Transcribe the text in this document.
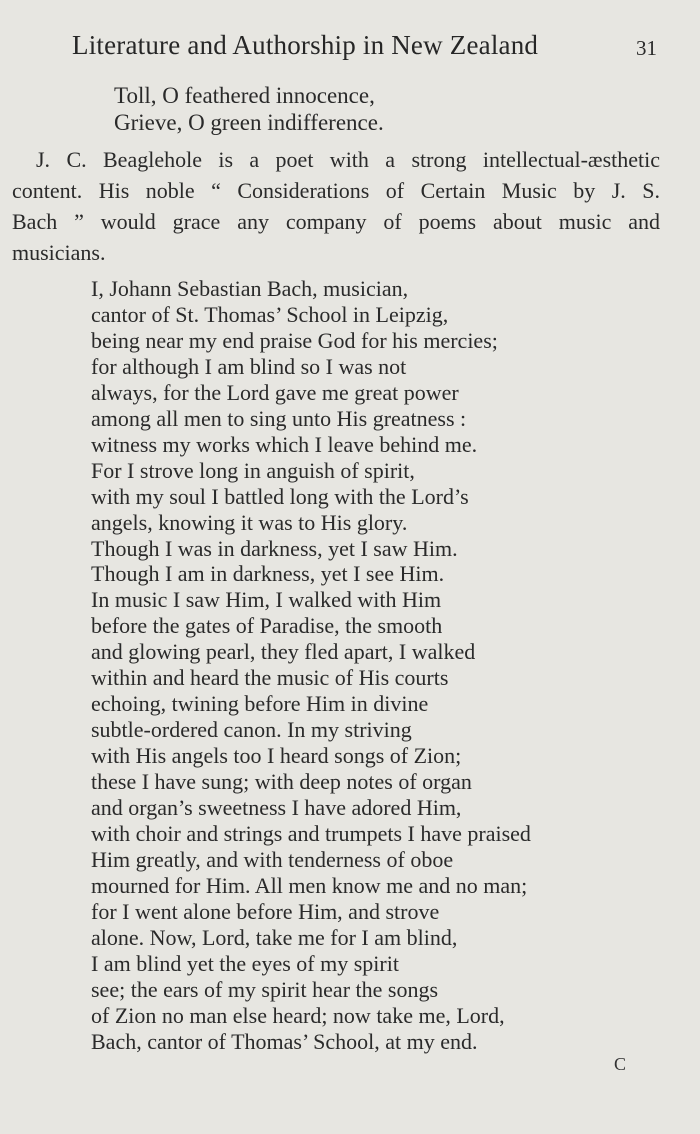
Literature and Authorship in New Zealand	31
Toll, O feathered innocence,
Grieve, O green indifference.
J. C. Beaglehole is a poet with a strong intellectual-æsthetic
content. His noble “ Considerations of Certain Music by J. S.
Bach ” would grace any company of poems about music and
musicians.
I, Johann Sebastian Bach, musician,
cantor of St. Thomas’ School in Leipzig,
being near my end praise God for his mercies;
for although I am blind so I was not
always, for the Lord gave me great power
among all men to sing unto His greatness :
witness my works which I leave behind me.
For I strove long in anguish of spirit,
with my soul I battled long with the Lord’s
angels, knowing it was to His glory.
Though I was in darkness, yet I saw Him.
Though I am in darkness, yet I see Him.
In music I saw Him, I walked with Him
before the gates of Paradise, the smooth
and glowing pearl, they fled apart, I walked
within and heard the music of His courts
echoing, twining before Him in divine
subtle-ordered canon. In my striving
with His angels too I heard songs of Zion;
these I have sung; with deep notes of organ
and organ’s sweetness I have adored Him,
with choir and strings and trumpets I have praised
Him greatly, and with tenderness of oboe
mourned for Him. All men know me and no man;
for I went alone before Him, and strove
alone. Now, Lord, take me for I am blind,
I am blind yet the eyes of my spirit
see; the ears of my spirit hear the songs
of Zion no man else heard; now take me, Lord,
Bach, cantor of Thomas’ School, at my end.
C
